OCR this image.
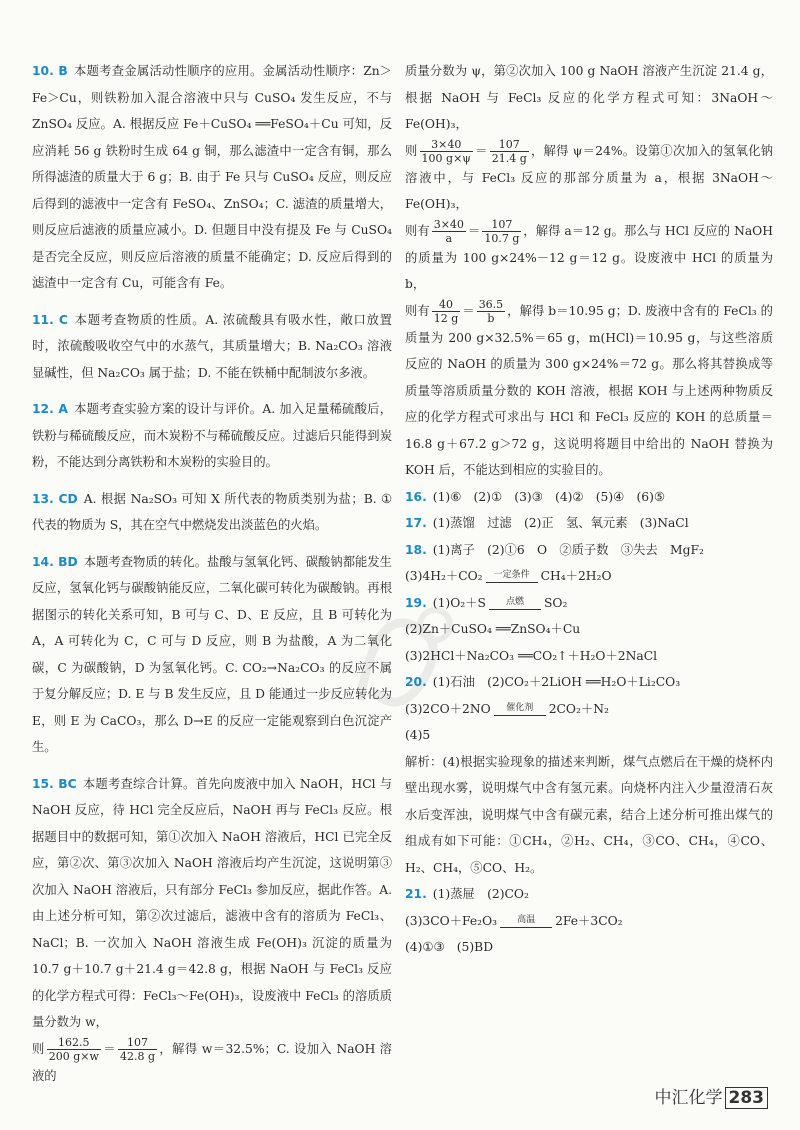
10. B 本题考查金属活动性顺序的应用。金属活动性顺序：Zn＞Fe＞Cu，则铁粉加入混合溶液中只与 CuSO₄ 发生反应，不与 ZnSO₄ 反应。A. 根据反应 Fe＋CuSO₄ ══FeSO₄＋Cu 可知，反应消耗 56 g 铁粉时生成 64 g 铜，那么滤渣中一定含有铜，那么所得滤渣的质量大于 6 g；B. 由于 Fe 只与 CuSO₄ 反应，则反应后得到的滤液中一定含有 FeSO₄、ZnSO₄；C. 滤渣的质量增大，则反应后滤液的质量应减小。D. 但题目中没有提及 Fe 与 CuSO₄ 是否完全反应，则反应后溶液的质量不能确定；D. 反应后得到的滤渣中一定含有 Cu，可能含有 Fe。

11. C 本题考查物质的性质。A. 浓硫酸具有吸水性，敞口放置时，浓硫酸吸收空气中的水蒸气，其质量增大；B. Na₂CO₃ 溶液显碱性，但 Na₂CO₃ 属于盐；D. 不能在铁桶中配制波尔多液。

12. A 本题考查实验方案的设计与评价。A. 加入足量稀硫酸后，铁粉与稀硫酸反应，而木炭粉不与稀硫酸反应。过滤后只能得到炭粉，不能达到分离铁粉和木炭粉的实验目的。

13. CD A. 根据 Na₂SO₃ 可知 X 所代表的物质类别为盐；B. ①代表的物质为 S，其在空气中燃烧发出淡蓝色的火焰。

14. BD 本题考查物质的转化。盐酸与氢氧化钙、碳酸钠都能发生反应，氢氧化钙与碳酸钠能反应，二氧化碳可转化为碳酸钠。再根据图示的转化关系可知，B 可与 C、D、E 反应，且 B 可转化为 A，A 可转化为 C，C 可与 D 反应，则 B 为盐酸，A 为二氧化碳，C 为碳酸钠，D 为氢氧化钙。C. CO₂→Na₂CO₃ 的反应不属于复分解反应；D. E 与 B 发生反应，且 D 能通过一步反应转化为 E，则 E 为 CaCO₃，那么 D→E 的反应一定能观察到白色沉淀产生。

15. BC 本题考查综合计算。首先向废液中加入 NaOH，HCl 与 NaOH 反应，待 HCl 完全反应后，NaOH 再与 FeCl₃ 反应。根据题目中的数据可知，第①次加入 NaOH 溶液后，HCl 已完全反应，第②次、第③次加入 NaOH 溶液后均产生沉淀，这说明第③次加入 NaOH 溶液后，只有部分 FeCl₃ 参加反应，据此作答。A. 由上述分析可知，第②次过滤后，滤液中含有的溶质为 FeCl₃、NaCl；B. 一次加入 NaOH 溶液生成 Fe(OH)₃ 沉淀的质量为 10.7 g＋10.7 g＋21.4 g＝42.8 g，根据 NaOH 与 FeCl₃ 反应的化学方程式可得：FeCl₃～Fe(OH)₃，设废液中 FeCl₃ 的溶质质量分数为 w，

则 $\frac{162.5}{200 g\times w} = \frac{107}{42.8 g}$ ，解得 w＝32.5%；C. 设加入 NaOH 溶液的

质量分数为 ψ，第②次加入 100 g NaOH 溶液产生沉淀 21.4 g，根据 NaOH 与 FeCl₃ 反应的化学方程式可知：3NaOH～Fe(OH)₃，

则 $\frac{3\times 40}{100 g\times\psi} = \frac{107}{21.4 g}$ ，解得 ψ＝24%。设第①次加入的氢氧化钠溶液中，与 FeCl₃ 反应的那部分质量为 a，根据 3NaOH～Fe(OH)₃，

则有 $\frac{3\times 40}{a} = \frac{107}{10.7 g}$ ，解得 a＝12 g。那么与 HCl 反应的 NaOH 的质量为 100 g×24%－12 g＝12 g。设废液中 HCl 的质量为 b，

则有 $\frac{40}{12 g} = \frac{36.5}{b}$ ，解得 b＝10.95 g；D. 废液中含有的 FeCl₃ 的质量为 200 g×32.5%＝65 g，m(HCl)＝10.95 g，与这些溶质反应的 NaOH 的质量为 300 g×24%＝72 g。那么将其替换成等质量等溶质质量分数的 KOH 溶液，根据 KOH 与上述两种物质反应的化学方程式可求出与 HCl 和 FeCl₃ 反应的 KOH 的总质量＝16.8 g＋67.2 g＞72 g，这说明将题目中给出的 NaOH 替换为 KOH 后，不能达到相应的实验目的。

16. (1)⑥　(2)①　(3)③　(4)②　(5)④　(6)⑤

17. (1)蒸馏　过滤　(2)正　氢、氧元素　(3)NaCl

18. (1)离子　(2)①6　O　②质子数　③失去　MgF₂

(3)4H₂＋CO₂	一定条件 CH₄＋2H₂O

19. (1)O₂＋S	点燃	SO₂

(2)Zn＋CuSO₄ ══ZnSO₄＋Cu

(3)2HCl＋Na₂CO₃ ══CO₂↑＋H₂O＋2NaCl

20. (1)石油　(2)CO₂＋2LiOH ══H₂O＋Li₂CO₃

(3)2CO＋2NO	催化剂	2CO₂＋N₂

(4)5

解析：(4)根据实验现象的描述来判断，煤气点燃后在干燥的烧杯内壁出现水雾，说明煤气中含有氢元素。向烧杯内注入少量澄清石灰水后变浑浊，说明煤气中含有碳元素，结合上述分析可推出煤气的组成有如下可能：①CH₄，②H₂、CH₄，③CO、CH₄，④CO、H₂、CH₄，⑤CO、H₂。

21. (1)蒸屉　(2)CO₂

(3)3CO＋Fe₂O₃	高温	2Fe＋3CO₂

(4)①③　(5)BD

中汇化学 283
